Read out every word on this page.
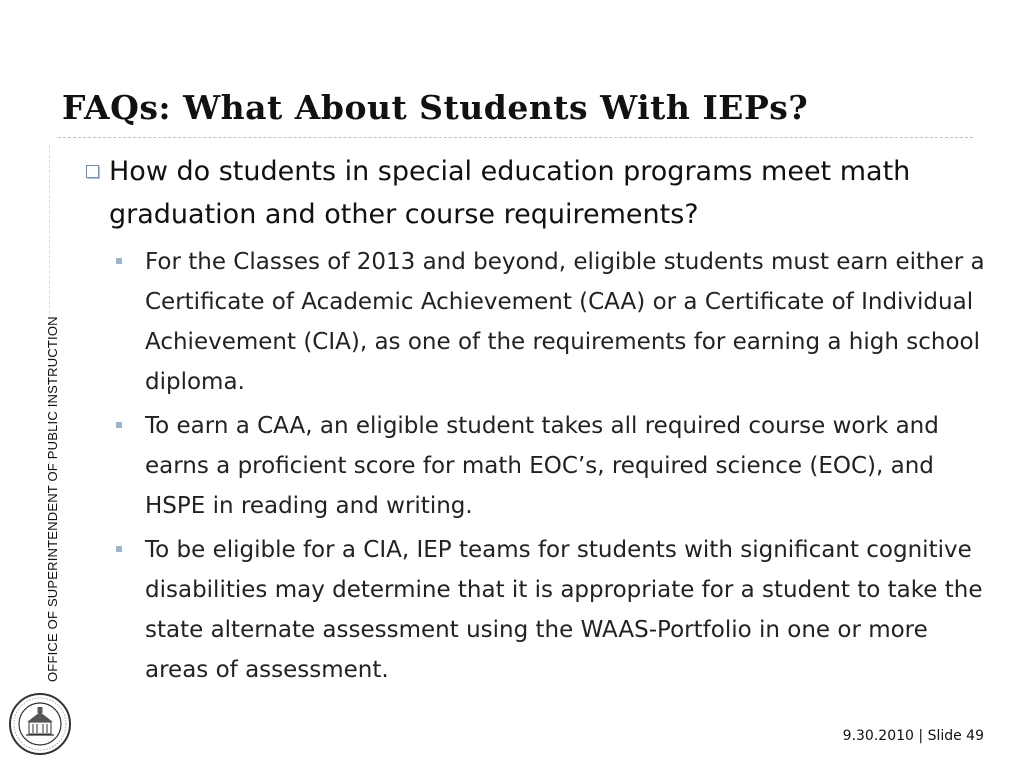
FAQs: What About Students With IEPs?
OFFICE OF SUPERINTENDENT OF PUBLIC INSTRUCTION
How do students in special education programs meet math graduation and other course requirements?
For the Classes of 2013 and beyond, eligible students must earn either a Certificate of Academic Achievement (CAA) or a Certificate of Individual Achievement (CIA), as one of the requirements for earning a high school diploma.
To earn a CAA, an eligible student takes all required course work and earns a proficient score for math EOC’s, required science (EOC), and HSPE in reading and writing.
To be eligible for a CIA, IEP teams for students with significant cognitive disabilities may determine that it is appropriate for a student to take the state alternate assessment using the WAAS-Portfolio in one or more areas of assessment.
9.30.2010 | Slide 49
